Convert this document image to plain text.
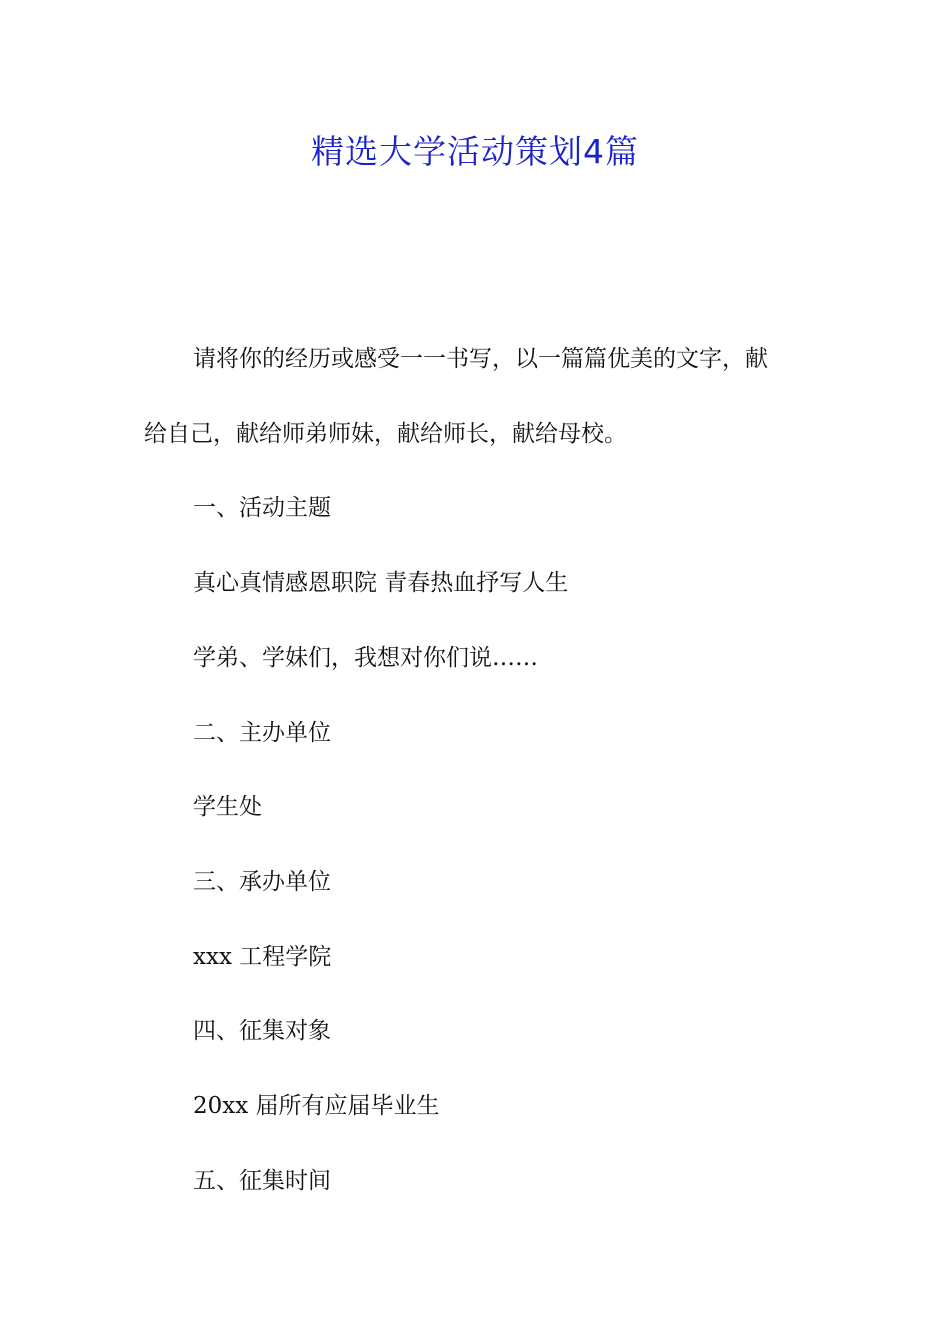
精选大学活动策划4篇
请将你的经历或感受一一书写，以一篇篇优美的文字，献
给自己，献给师弟师妹，献给师长，献给母校。
一、活动主题
真心真情感恩职院 青春热血抒写人生
学弟、学妹们，我想对你们说……
二、主办单位
学生处
三、承办单位
xxx 工程学院
四、征集对象
20xx 届所有应届毕业生
五、征集时间
